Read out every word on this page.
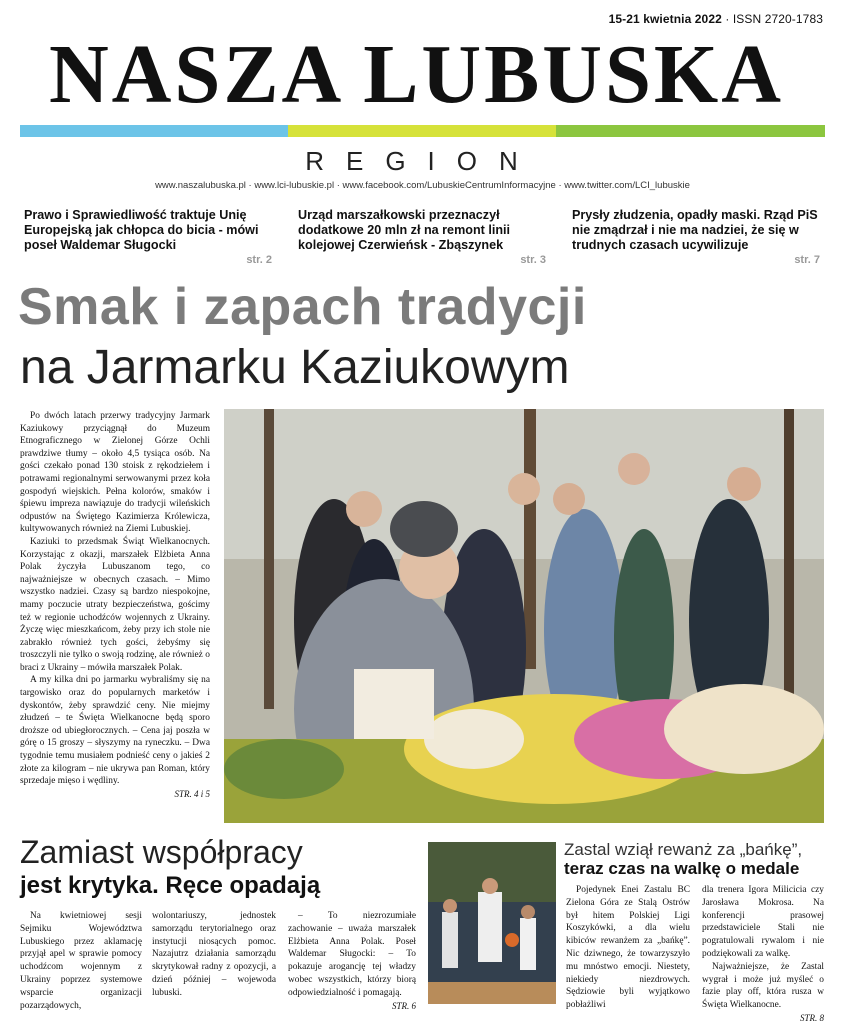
15-21 kwietnia 2022 · ISSN 2720-1783
NASZA LUBUSKA
REGION
www.naszalubuska.pl · www.lci-lubuskie.pl · www.facebook.com/LubuskieCentrumInformacyjne · www.twitter.com/LCI_lubuskie
Prawo i Sprawiedliwość traktuje Unię Europejską jak chłopca do bicia - mówi poseł Waldemar Sługocki
str. 2
Urząd marszałkowski przeznaczył dodatkowe 20 mln zł na remont linii kolejowej Czerwieńsk - Zbąszynek
str. 3
Prysły złudzenia, opadły maski. Rząd PiS nie zmądrzał i nie ma nadziei, że się w trudnych czasach ucywilizuje
str. 7
Smak i zapach tradycji
na Jarmarku Kaziukowym

Po dwóch latach przerwy tradycyjny Jarmark Kaziukowy przyciągnął do Muzeum Etnograficznego w Zielonej Górze Ochli prawdziwe tłumy – około 4,5 tysiąca osób. Na gości czekało ponad 130 stoisk z rękodziełem i potrawami regionalnymi serwowanymi przez koła gospodyń wiejskich. Pełna kolorów, smaków i śpiewu impreza nawiązuje do tradycji wileńskich odpustów na Świętego Kazimierza Królewicza, kultywowanych również na Ziemi Lubuskiej.

Kaziuki to przedsmak Świąt Wielkanocnych. Korzystając z okazji, marszałek Elżbieta Anna Polak życzyła Lubuszanom tego, co najważniejsze w obecnych czasach. – Mimo wszystko nadziei. Czasy są bardzo niespokojne, mamy poczucie utraty bezpieczeństwa, gościmy też w regionie uchodźców wojennych z Ukrainy. Życzę więc mieszkańcom, żeby przy ich stole nie zabrakło również tych gości, żebyśmy się troszczyli nie tylko o swoją rodzinę, ale również o braci z Ukrainy – mówiła marszałek Polak.

A my kilka dni po jarmarku wybraliśmy się na targowisko oraz do popularnych marketów i dyskontów, żeby sprawdzić ceny. Nie miejmy złudzeń – te Święta Wielkanocne będą sporo droższe od ubiegłorocznych. – Cena jaj poszła w górę o 15 groszy – słyszymy na ryneczku. – Dwa tygodnie temu musiałem podnieść ceny o jakieś 2 złote za kilogram – nie ukrywa pan Roman, który sprzedaje mięso i wędliny.

STR. 4 i 5
Zamiast współpracy
jest krytyka. Ręce opadają

Na kwietniowej sesji Sejmiku Województwa Lubuskiego przez aklamację przyjął apel w sprawie pomocy uchodźcom wojennym z Ukrainy poprzez systemowe wsparcie organizacji pozarządowych,

wolontariuszy, jednostek samorządu terytorialnego oraz instytucji niosących pomoc. Nazajutrz działania samorządu skrytykował radny z opozycji, a dzień później – wojewoda lubuski.

– To niezrozumiałe zachowanie – uważa marszałek Elżbieta Anna Polak. Poseł Waldemar Sługocki: – To pokazuje arogancję tej władzy wobec wszystkich, którzy biorą odpowiedzialność i pomagają.

STR. 6
Zastal wziął rewanż za „bańkę”,
teraz czas na walkę o medale

Pojedynek Enei Zastalu BC Zielona Góra ze Stalą Ostrów był hitem Polskiej Ligi Koszykówki, a dla wielu kibiców rewanżem za „bańkę”. Nic dziwnego, że towarzyszyło mu mnóstwo emocji. Niestety, niekiedy niezdrowych. Sędziowie byli wyjątkowo pobłażliwi

dla trenera Igora Milicicia czy Jarosława Mokrosa. Na konferencji prasowej przedstawiciele Stali nie pogratulowali rywalom i nie podziękowali za walkę.

Najważniejsze, że Zastal wygrał i może już myśleć o fazie play off, która rusza w Święta Wielkanocne.

STR. 8
